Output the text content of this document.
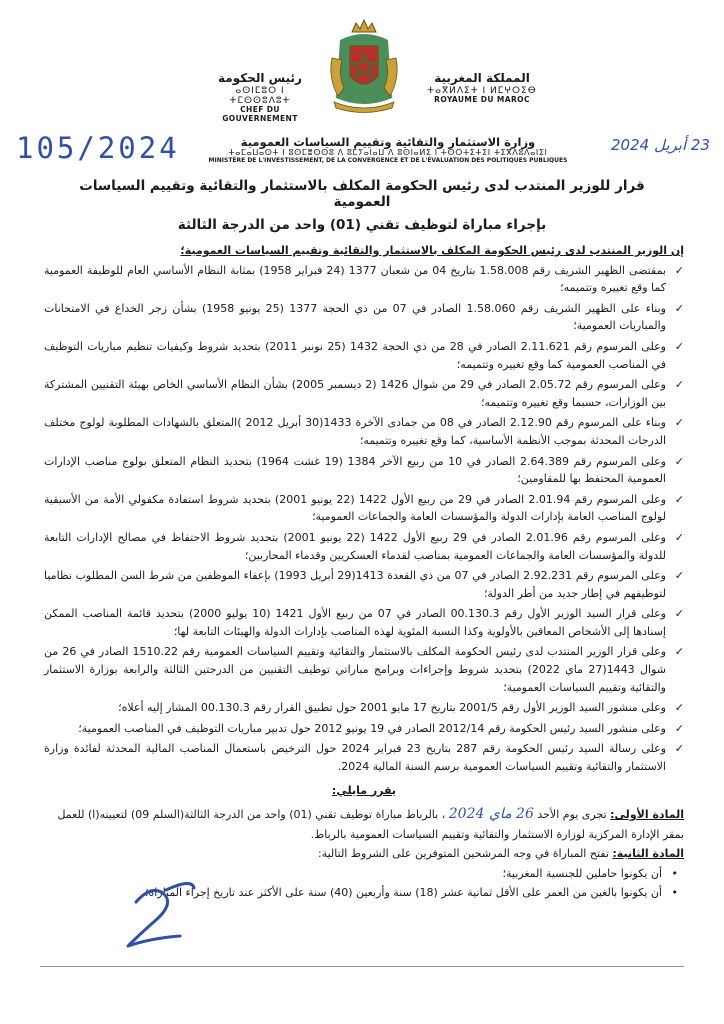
المملكة المغربية
ⵜⴰⴳⵍⴷⵉⵜ ⵏ ⵍⵎⵖⵔⵉⴱ
ROYAUME DU MAROC
رئيس الحكومة
ⴰⵙⵏⵎⵓⵔ ⵏ ⵜⵎⵙⵙⵓⴷⵓⵜ
CHEF DU GOUVERNEMENT
105/2024	وزارة الاستثمار والتقائية وتقييم السياسات العمومية
ⵜⴰⵎⴰⵡⴰⵙⵜ ⵏ ⵓⵙⵎⴻⵙⵙⵓ ⴷ ⵓⵎⵢⴰⵏⴰⵡ ⴷ ⵓⵙⵏⴰⵍⵉ ⵏ ⵜⵙⵔⵜⵉⵜⵉⵏ ⵜⵉⴳⴷⵓⴷⴰⵏⵉⵏ
MINISTÈRE DE L'INVESTISSEMENT, DE LA CONVERGENCE ET DE L'ÉVALUATION DES POLITIQUES PUBLIQUES
23 أبريل 2024
قرار للوزير المنتدب لدى رئيس الحكومة المكلف بالاستثمار والتقائية وتقييم السياسات العمومية
بإجراء مباراة لتوظيف تقني (01) واحد من الدرجة الثالثة

إن الوزير المنتدب لدى رئيس الحكومة المكلف بالاستثمار والتقائية وتقييم السياسات العمومية؛

✓
بمقتضى الظهير الشريف رقم 1.58.008 بتاريخ 04 من شعبان 1377 (24 فبراير 1958) بمثابة النظام الأساسي العام للوظيفة العمومية كما وقع تغييره وتتميمه؛

✓
وبناء على الظهير الشريف رقم 1.58.060 الصادر في 07 من ذي الحجة 1377 (25 يونيو 1958) بشأن زجر الخداع في الامتحانات والمباريات العمومية؛

✓
وعلى المرسوم رقم 2.11.621 الصادر في 28 من ذي الحجة 1432 (25 نونبر 2011) بتحديد شروط وكيفيات تنظيم مباريات التوظيف في المناصب العمومية كما وقع تغييره وتتميمه؛

✓
وعلى المرسوم رقم 2.05.72 الصادر في 29 من شوال 1426 (2 ديسمبر 2005) بشأن النظام الأساسي الخاص بهيئة التقنيين المشتركة بين الوزارات، حسبما وقع تغييره وتتميمه؛

✓
وبناء على المرسوم رقم 2.12.90 الصادر في 08 من جمادى الآخرة 1433(30 أبريل 2012 )المتعلق بالشهادات المطلوبة لولوج مختلف الدرجات المحدثة بموجب الأنظمة الأساسية، كما وقع تغييره وتتميمه؛

✓
وعلى المرسوم رقم 2.64.389 الصادر في 10 من ربيع الآخر 1384 (19 غشت 1964) بتحديد النظام المتعلق بولوج مناصب الإدارات العمومية المحتفظ بها للمقاومين؛

✓
وعلى المرسوم رقم 2.01.94 الصادر في 29 من ربيع الأول 1422 (22 يونيو 2001) بتحديد شروط استفادة مكفولي الأمة من الأسبقية لولوج المناصب العامة بإدارات الدولة والمؤسسات العامة والجماعات العمومية؛

✓
وعلى المرسوم رقم 2.01.96 الصادر في 29 ربيع الأول 1422 (22 يونيو 2001) بتحديد شروط الاحتفاظ في مصالح الإدارات التابعة للدولة والمؤسسات العامة والجماعات العمومية بمناصب لقدماء العسكريين وقدماء المحاربين؛

✓
وعلى المرسوم رقم 2.92.231 الصادر في 07 من ذي القعدة 1413(29 أبريل 1993) بإعفاء الموظفين من شرط السن المطلوب نظاميا لتوظيفهم في إطار جديد من أطر الدولة؛

✓
وعلى قرار السيد الوزير الأول رقم 00.130.3 الصادر في 07 من ربيع الأول 1421 (10 يوليو 2000) بتحديد قائمة المناصب الممكن إسنادها إلى الأشخاص المعاقين بالأولوية وكذا النسبة المئوية لهذه المناصب بإدارات الدولة والهيئات التابعة لها؛

✓
وعلى قرار الوزير المنتدب لدى رئيس الحكومة المكلف بالاستثمار والتقائية وتقييم السياسات العمومية رقم 1510.22 الصادر في 26 من شوال 1443(27 ماي 2022) بتحديد شروط وإجراءات وبرامج مباراتي توظيف التقنيين من الدرجتين الثالثة والرابعة بوزارة الاستثمار والتقائية وتقييم السياسات العمومية؛

✓
وعلى منشور السيد الوزير الأول رقم 2001/5 بتاريخ 17 مايو 2001 حول تطبيق القرار رقم 00.130.3 المشار إليه أعلاه؛

✓
وعلى منشور السيد رئيس الحكومة رقم 2012/14 الصادر في 19 يونيو 2012 حول تدبير مباريات التوظيف في المناصب العمومية؛

✓
وعلى رسالة السيد رئيس الحكومة رقم 287 بتاريخ 23 فبراير 2024 حول الترخيص باستعمال المناصب المالية المحدثة لفائدة وزارة الاستثمار والتقائية وتقييم السياسات العمومية برسم السنة المالية 2024.

يقرر مايلي:

المادة الأولى: تجرى يوم الأحد 26 ماي 2024 ، بالرباط مباراة توظيف تقني (01) واحد من الدرجة الثالثة(السلم 09) لتعيينه(ا) للعمل بمقر الإدارة المركزية لوزارة الاستثمار والتقائية وتقييم السياسات العمومية بالرباط.

المادة الثانية: تفتح المباراة في وجه المرشحين المتوفرين على الشروط التالية:

•
أن يكونوا حاملين للجنسية المغربية؛

•
أن يكونوا بالغين من العمر على الأقل ثمانية عشر (18) سنة وأربعين (40) سنة على الأكثر عند تاريخ إجراء المباراة؛
